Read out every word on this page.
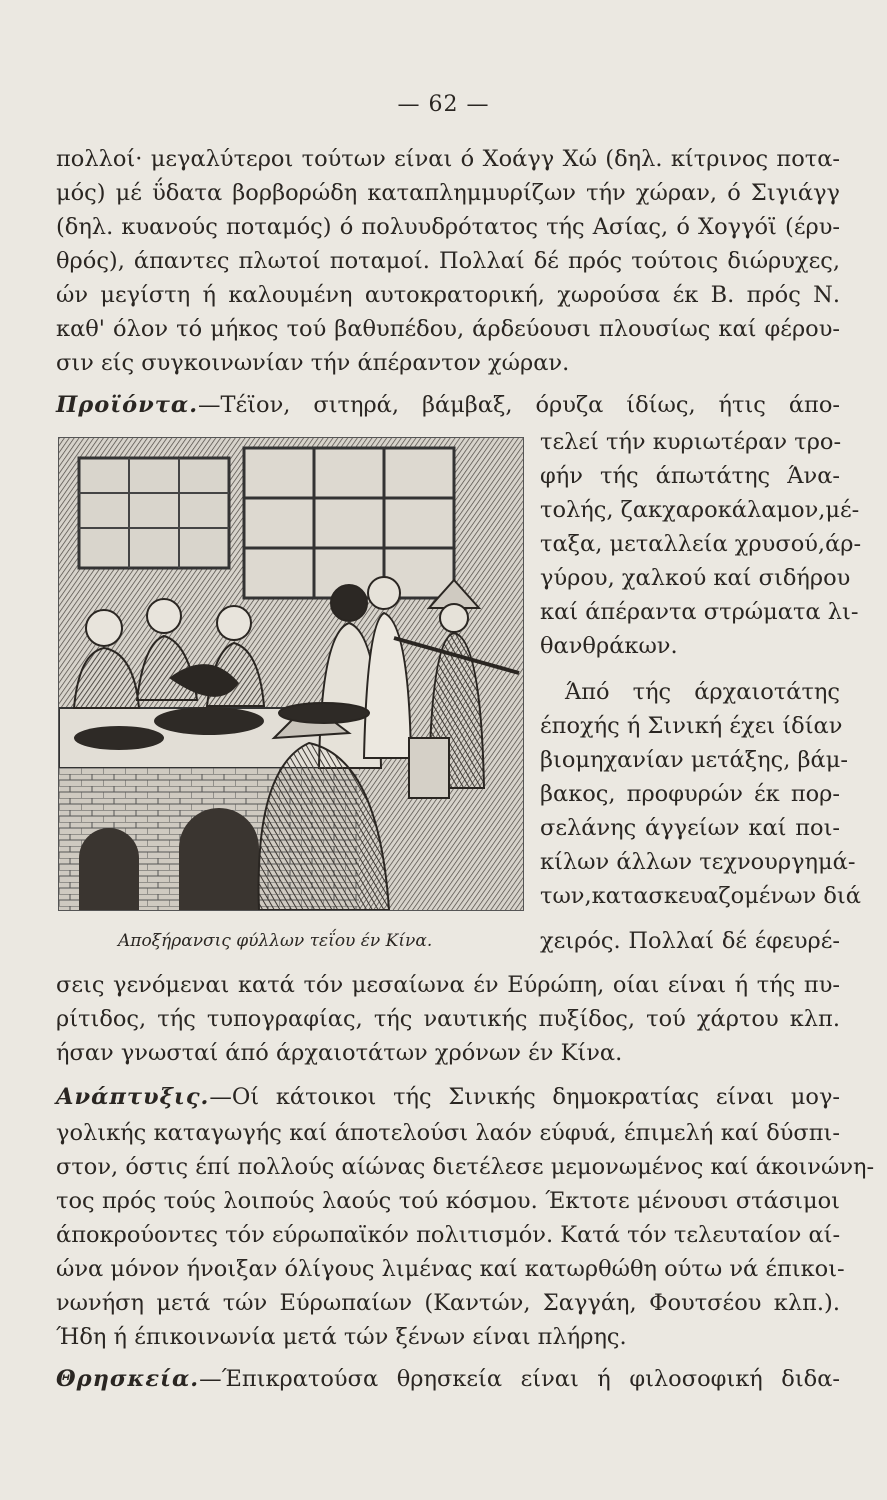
— 62 —
πολλοί· μεγαλύτεροι τούτων είναι ό Χοάγγ Χώ (δηλ. κίτρινος ποτα-
μός) μέ ΰδατα βορβορώδη καταπλημμυρίζων τήν χώραν, ό Σιγιάγγ
(δηλ. κυανούς ποταμός) ό πολυυδρότατος τής Ασίας, ό Χογγόϊ (έρυ-
θρός), άπαντες πλωτοί ποταμοί. Πολλαί δέ πρός τούτοις διώρυχες,
ών μεγίστη ή καλουμένη αυτοκρατορική, χωρούσα έκ Β. πρός Ν.
καθ' όλον τό μήκος τού βαθυπέδου, άρδεύουσι πλουσίως καί φέρου-
σιν είς συγκοινωνίαν τήν άπέραντον χώραν.
Προϊόντα.—Τέϊον, σιτηρά, βάμβαξ, όρυζα ίδίως, ήτις άπο-
Αποξήρανσις φύλλων τεΐου έν Κίνα.
τελεί τήν κυριωτέραν τρο-
φήν τής άπωτάτης Άνα-
τολής, ζακχαροκάλαμον,μέ-
ταξα, μεταλλεία χρυσού,άρ-
γύρου, χαλκού καί σιδήρου
καί άπέραντα στρώματα λι-
θανθράκων.
Άπό τής άρχαιοτάτης
έποχής ή Σινική έχει ίδίαν
βιομηχανίαν μετάξης, βάμ-
βακος, προφυρών έκ πορ-
σελάνης άγγείων καί ποι-
κίλων άλλων τεχνουργημά-
των,κατασκευαζομένων διά
χειρός. Πολλαί δέ έφευρέ-
σεις γενόμεναι κατά τόν μεσαίωνα έν Εύρώπη, οίαι είναι ή τής πυ-
ρίτιδος, τής τυπογραφίας, τής ναυτικής πυξίδος, τού χάρτου κλπ.
ήσαν γνωσταί άπό άρχαιοτάτων χρόνων έν Κίνα.
Ανάπτυξις.—Οί κάτοικοι τής Σινικής δημοκρατίας είναι μογ-
γολικής καταγωγής καί άποτελούσι λαόν εύφυά, έπιμελή καί δύσπι-
στον, όστις έπί πολλούς αίώνας διετέλεσε μεμονωμένος καί άκοινώνη-
τος πρός τούς λοιπούς λαούς τού κόσμου. Έκτοτε μένουσι στάσιμοι
άποκρούοντες τόν εύρωπαϊκόν πολιτισμόν. Κατά τόν τελευταίον αί-
ώνα μόνον ήνοιξαν όλίγους λιμένας καί κατωρθώθη ούτω νά έπικοι-
νωνήση μετά τών Εύρωπαίων (Καντών, Σαγγάη, Φουτσέου κλπ.).
Ήδη ή έπικοινωνία μετά τών ξένων είναι πλήρης.
Θρησκεία.—Έπικρατούσα θρησκεία είναι ή φιλοσοφική διδα-
